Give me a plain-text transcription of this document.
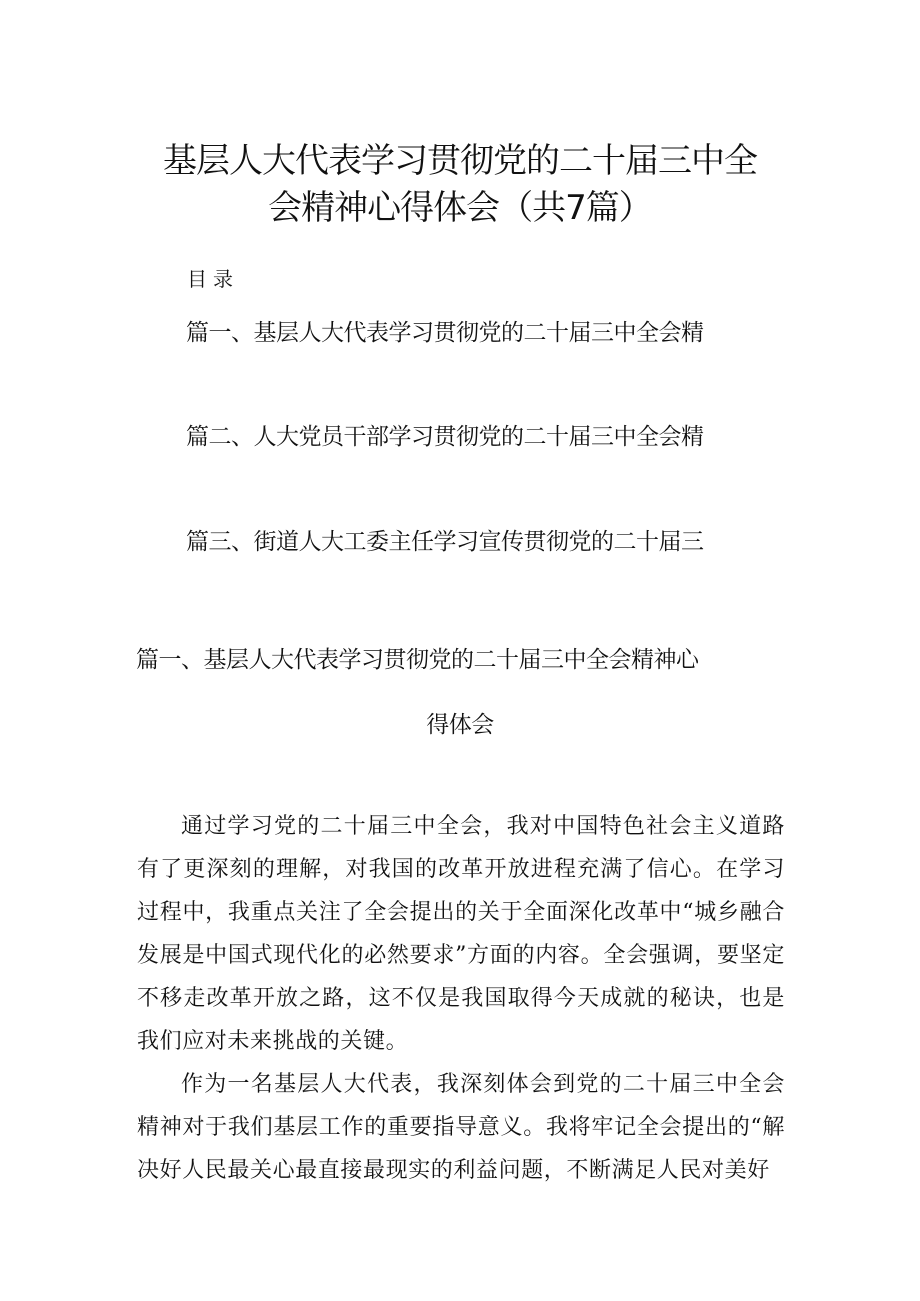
基层人大代表学习贯彻党的二十届三中全
会精神心得体会（共7篇）
目录
篇一、基层人大代表学习贯彻党的二十届三中全会精
篇二、人大党员干部学习贯彻党的二十届三中全会精
篇三、街道人大工委主任学习宣传贯彻党的二十届三
篇一、基层人大代表学习贯彻党的二十届三中全会精神心
得体会

通过学习党的二十届三中全会，我对中国特色社会主义道路有了更深刻的理解，对我国的改革开放进程充满了信心。在学习过程中，我重点关注了全会提出的关于全面深化改革中“城乡融合发展是中国式现代化的必然要求”方面的内容。全会强调，要坚定不移走改革开放之路，这不仅是我国取得今天成就的秘诀，也是我们应对未来挑战的关键。

作为一名基层人大代表，我深刻体会到党的二十届三中全会精神对于我们基层工作的重要指导意义。我将牢记全会提出的“解决好人民最关心最直接最现实的利益问题，不断满足人民对美好
